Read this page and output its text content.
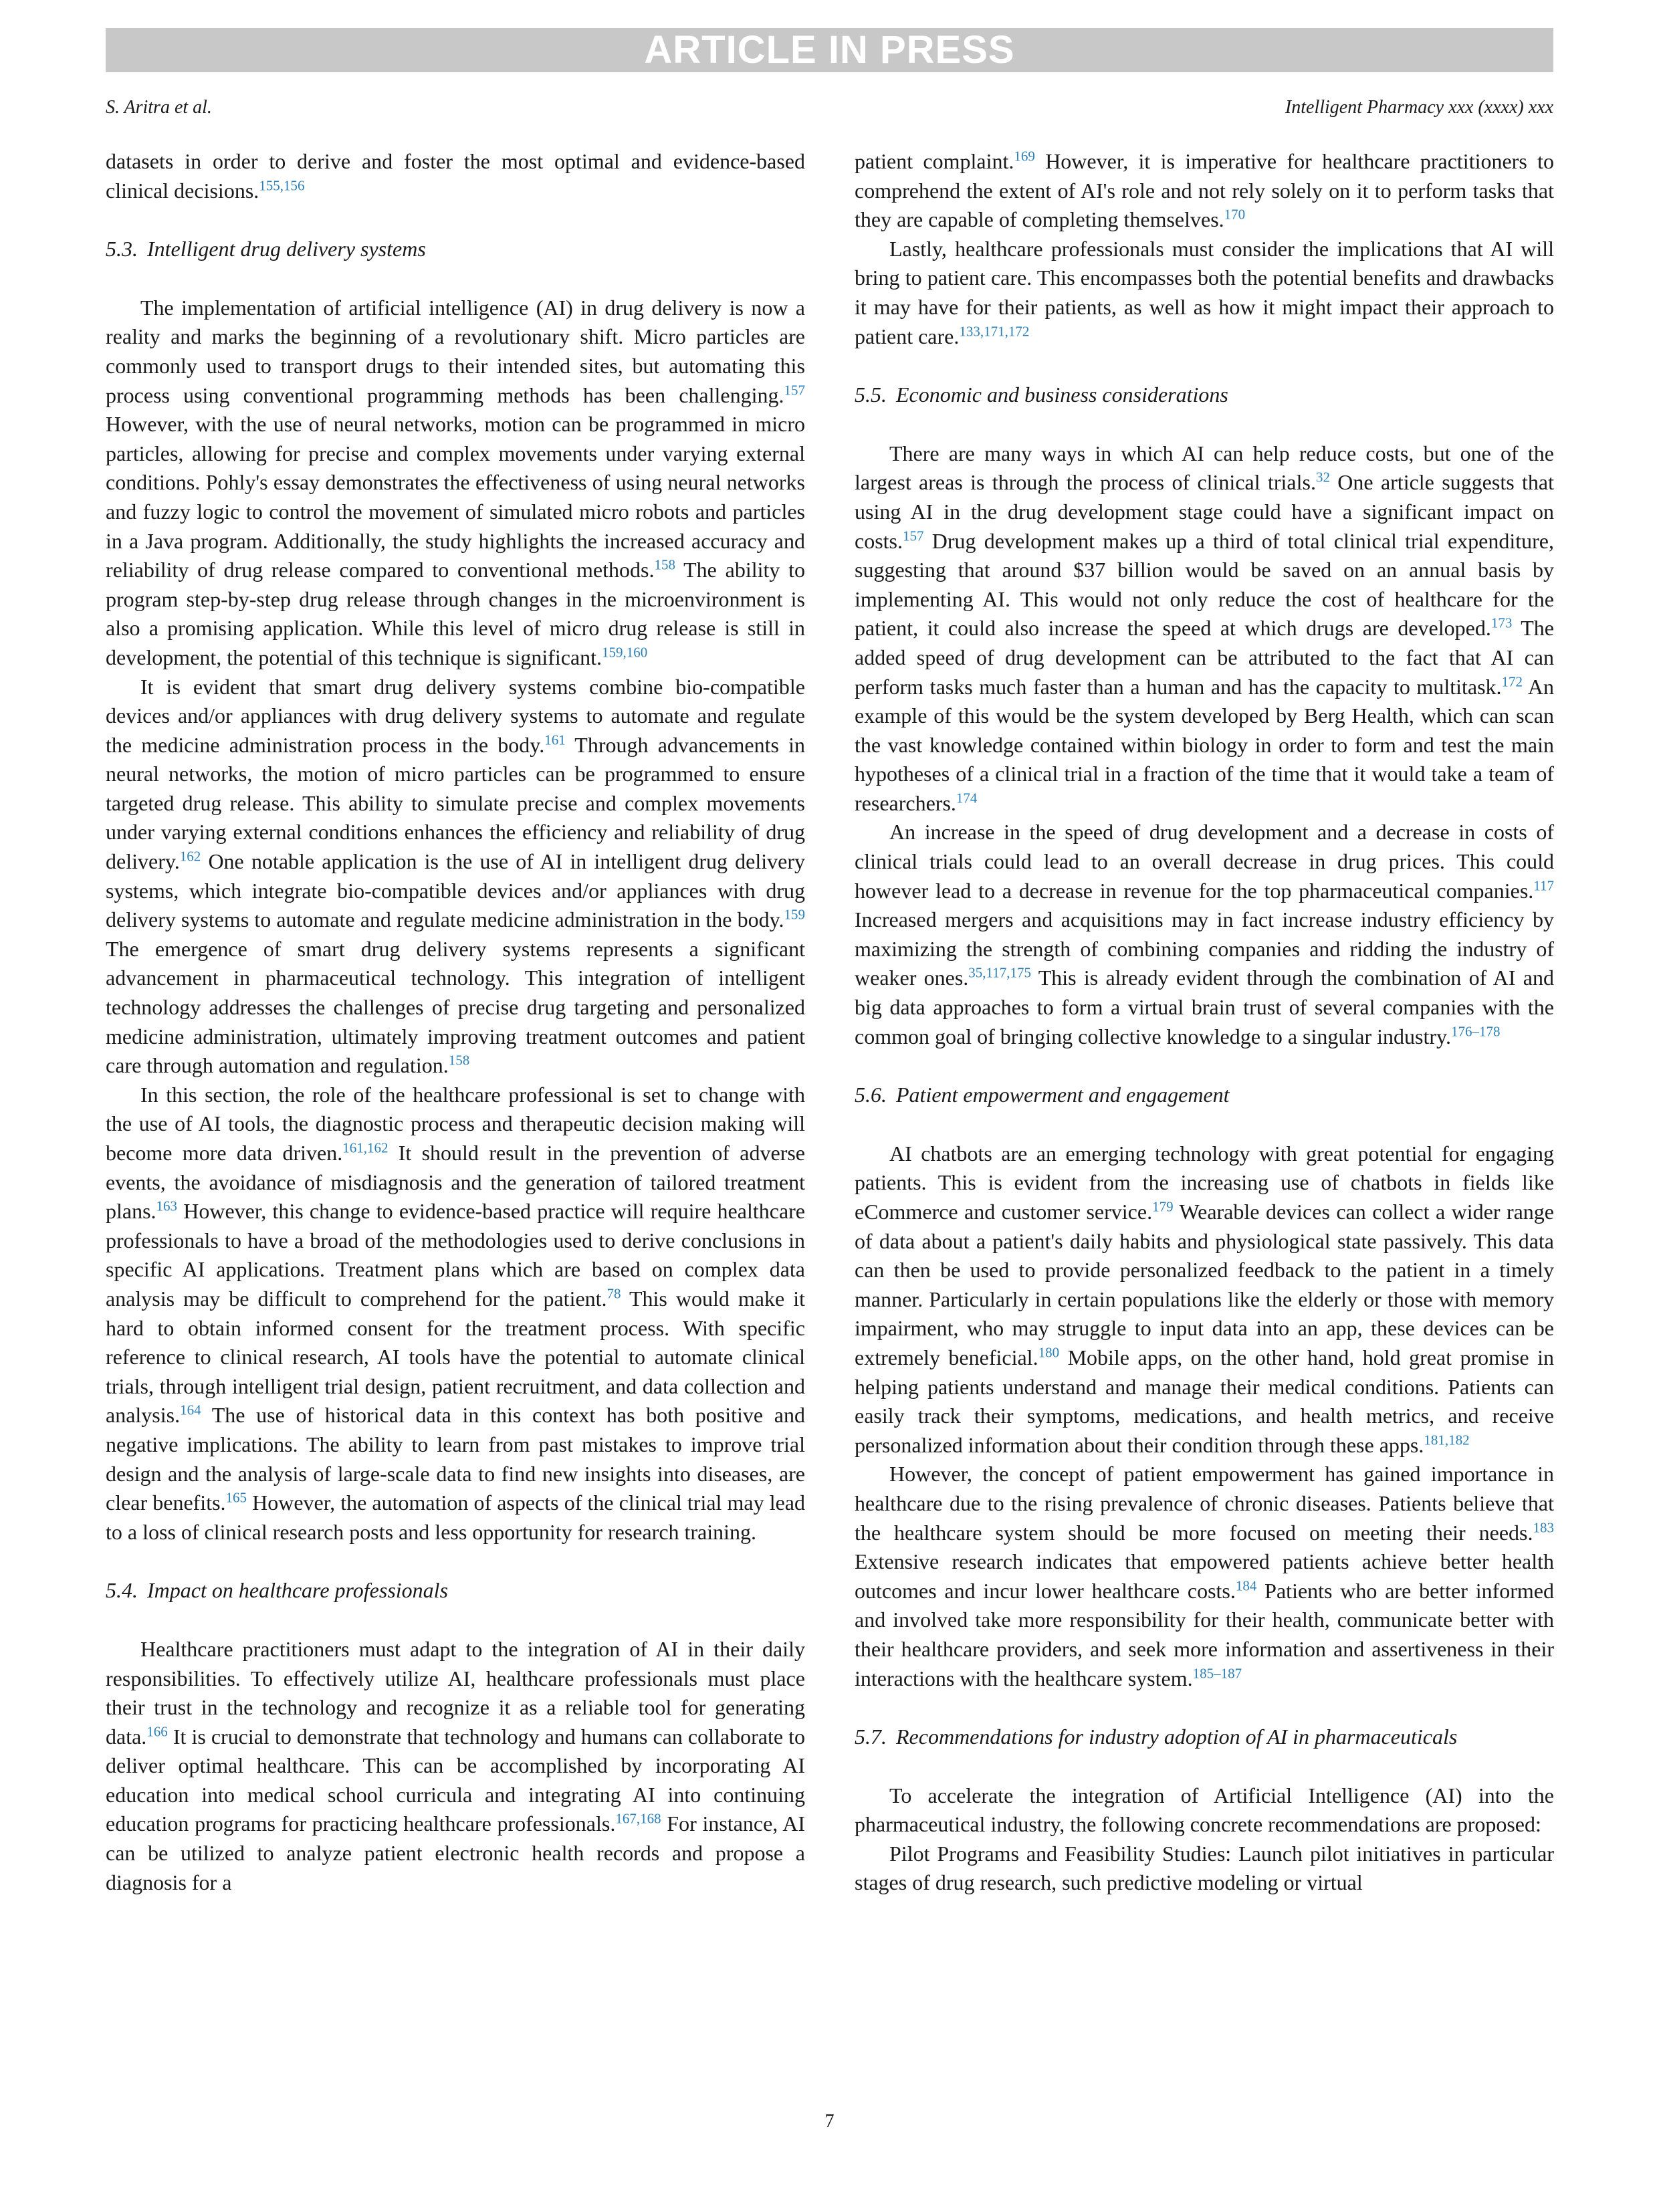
ARTICLE IN PRESS
S. Aritra et al.	Intelligent Pharmacy xxx (xxxx) xxx

datasets in order to derive and foster the most optimal and evidence-based clinical decisions.$^{155,156}$

5.3. Intelligent drug delivery systems

The implementation of artificial intelligence (AI) in drug delivery is now a reality and marks the beginning of a revolutionary shift. Micro particles are commonly used to transport drugs to their intended sites, but automating this process using conventional programming methods has been challenging.$^{157}$ However, with the use of neural networks, motion can be programmed in micro particles, allowing for precise and complex movements under varying external conditions. Pohly's essay demonstrates the effectiveness of using neural networks and fuzzy logic to control the movement of simulated micro robots and particles in a Java program. Additionally, the study highlights the increased accuracy and reliability of drug release compared to conventional methods.$^{158}$ The ability to program step-by-step drug release through changes in the microenvironment is also a promising application. While this level of micro drug release is still in development, the potential of this technique is significant.$^{159,160}$

It is evident that smart drug delivery systems combine bio-compatible devices and/or appliances with drug delivery systems to automate and regulate the medicine administration process in the body.$^{161}$ Through advancements in neural networks, the motion of micro particles can be programmed to ensure targeted drug release. This ability to simulate precise and complex movements under varying external conditions enhances the efficiency and reliability of drug delivery.$^{162}$ One notable application is the use of AI in intelligent drug delivery systems, which integrate bio-compatible devices and/or appliances with drug delivery systems to automate and regulate medicine administration in the body.$^{159}$ The emergence of smart drug delivery systems represents a significant advancement in pharmaceutical technology. This integration of intelligent technology addresses the challenges of precise drug targeting and personalized medicine administration, ultimately improving treatment outcomes and patient care through automation and regulation.$^{158}$

In this section, the role of the healthcare professional is set to change with the use of AI tools, the diagnostic process and therapeutic decision making will become more data driven.$^{161,162}$ It should result in the prevention of adverse events, the avoidance of misdiagnosis and the generation of tailored treatment plans.$^{163}$ However, this change to evidence-based practice will require healthcare professionals to have a broad of the methodologies used to derive conclusions in specific AI applications. Treatment plans which are based on complex data analysis may be difficult to comprehend for the patient.$^{78}$ This would make it hard to obtain informed consent for the treatment process. With specific reference to clinical research, AI tools have the potential to automate clinical trials, through intelligent trial design, patient recruitment, and data collection and analysis.$^{164}$ The use of historical data in this context has both positive and negative implications. The ability to learn from past mistakes to improve trial design and the analysis of large-scale data to find new insights into diseases, are clear benefits.$^{165}$ However, the automation of aspects of the clinical trial may lead to a loss of clinical research posts and less opportunity for research training.

5.4. Impact on healthcare professionals

Healthcare practitioners must adapt to the integration of AI in their daily responsibilities. To effectively utilize AI, healthcare professionals must place their trust in the technology and recognize it as a reliable tool for generating data.$^{166}$ It is crucial to demonstrate that technology and humans can collaborate to deliver optimal healthcare. This can be accomplished by incorporating AI education into medical school curricula and integrating AI into continuing education programs for practicing healthcare professionals.$^{167,168}$ For instance, AI can be utilized to analyze patient electronic health records and propose a diagnosis for a

patient complaint.$^{169}$ However, it is imperative for healthcare practitioners to comprehend the extent of AI's role and not rely solely on it to perform tasks that they are capable of completing themselves.$^{170}$

Lastly, healthcare professionals must consider the implications that AI will bring to patient care. This encompasses both the potential benefits and drawbacks it may have for their patients, as well as how it might impact their approach to patient care.$^{133,171,172}$

5.5. Economic and business considerations

There are many ways in which AI can help reduce costs, but one of the largest areas is through the process of clinical trials.$^{32}$ One article suggests that using AI in the drug development stage could have a significant impact on costs.$^{157}$ Drug development makes up a third of total clinical trial expenditure, suggesting that around $37 billion would be saved on an annual basis by implementing AI. This would not only reduce the cost of healthcare for the patient, it could also increase the speed at which drugs are developed.$^{173}$ The added speed of drug development can be attributed to the fact that AI can perform tasks much faster than a human and has the capacity to multitask.$^{172}$ An example of this would be the system developed by Berg Health, which can scan the vast knowledge contained within biology in order to form and test the main hypotheses of a clinical trial in a fraction of the time that it would take a team of researchers.$^{174}$

An increase in the speed of drug development and a decrease in costs of clinical trials could lead to an overall decrease in drug prices. This could however lead to a decrease in revenue for the top pharmaceutical companies.$^{117}$ Increased mergers and acquisitions may in fact increase industry efficiency by maximizing the strength of combining companies and ridding the industry of weaker ones.$^{35,117,175}$ This is already evident through the combination of AI and big data approaches to form a virtual brain trust of several companies with the common goal of bringing collective knowledge to a singular industry.$^{176-178}$

5.6. Patient empowerment and engagement

AI chatbots are an emerging technology with great potential for engaging patients. This is evident from the increasing use of chatbots in fields like eCommerce and customer service.$^{179}$ Wearable devices can collect a wider range of data about a patient's daily habits and physiological state passively. This data can then be used to provide personalized feedback to the patient in a timely manner. Particularly in certain populations like the elderly or those with memory impairment, who may struggle to input data into an app, these devices can be extremely beneficial.$^{180}$ Mobile apps, on the other hand, hold great promise in helping patients understand and manage their medical conditions. Patients can easily track their symptoms, medications, and health metrics, and receive personalized information about their condition through these apps.$^{181,182}$

However, the concept of patient empowerment has gained importance in healthcare due to the rising prevalence of chronic diseases. Patients believe that the healthcare system should be more focused on meeting their needs.$^{183}$ Extensive research indicates that empowered patients achieve better health outcomes and incur lower healthcare costs.$^{184}$ Patients who are better informed and involved take more responsibility for their health, communicate better with their healthcare providers, and seek more information and assertiveness in their interactions with the healthcare system.$^{185-187}$

5.7. Recommendations for industry adoption of AI in pharmaceuticals

To accelerate the integration of Artificial Intelligence (AI) into the pharmaceutical industry, the following concrete recommendations are proposed:

Pilot Programs and Feasibility Studies: Launch pilot initiatives in particular stages of drug research, such predictive modeling or virtual

7
